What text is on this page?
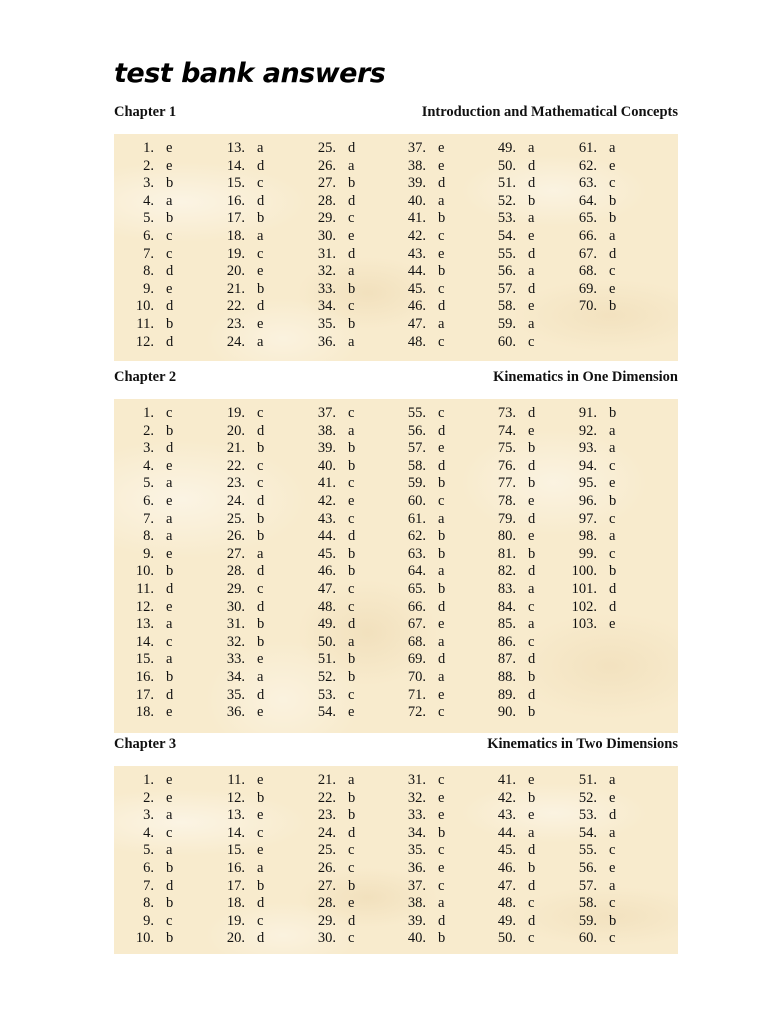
test bank answers
Chapter 1	Introduction and Mathematical Concepts
1. e
2. e
3. b
4. a
5. b
6. c
7. c
8. d
9. e
10. d
11. b
12. d
13. a
14. d
15. c
16. d
17. b
18. a
19. c
20. e
21. b
22. d
23. e
24. a
25. d
26. a
27. b
28. d
29. c
30. e
31. d
32. a
33. b
34. c
35. b
36. a
37. e
38. e
39. d
40. a
41. b
42. c
43. e
44. b
45. c
46. d
47. a
48. c
49. a
50. d
51. d
52. b
53. a
54. e
55. d
56. a
57. d
58. e
59. a
60. c
61. a
62. e
63. c
64. b
65. b
66. a
67. d
68. c
69. e
70. b
Chapter 2	Kinematics in One Dimension
1. c
2. b
3. d
4. e
5. a
6. e
7. a
8. a
9. e
10. b
11. d
12. e
13. a
14. c
15. a
16. b
17. d
18. e
19. c
20. d
21. b
22. c
23. c
24. d
25. b
26. b
27. a
28. d
29. c
30. d
31. b
32. b
33. e
34. a
35. d
36. e
37. c
38. a
39. b
40. b
41. c
42. e
43. c
44. d
45. b
46. b
47. c
48. c
49. d
50. a
51. b
52. b
53. c
54. e
55. c
56. d
57. e
58. d
59. b
60. c
61. a
62. b
63. b
64. a
65. b
66. d
67. e
68. a
69. d
70. a
71. e
72. c
73. d
74. e
75. b
76. d
77. b
78. e
79. d
80. e
81. b
82. d
83. a
84. c
85. a
86. c
87. d
88. b
89. d
90. b
91. b
92. a
93. a
94. c
95. e
96. b
97. c
98. a
99. c
100. b
101. d
102. d
103. e
Chapter 3	Kinematics in Two Dimensions
1. e
2. e
3. a
4. c
5. a
6. b
7. d
8. b
9. c
10. b
11. e
12. b
13. e
14. c
15. e
16. a
17. b
18. d
19. c
20. d
21. a
22. b
23. b
24. d
25. c
26. c
27. b
28. e
29. d
30. c
31. c
32. e
33. e
34. b
35. c
36. e
37. c
38. a
39. d
40. b
41. e
42. b
43. e
44. a
45. d
46. b
47. d
48. c
49. d
50. c
51. a
52. e
53. d
54. a
55. c
56. e
57. a
58. c
59. b
60. c
